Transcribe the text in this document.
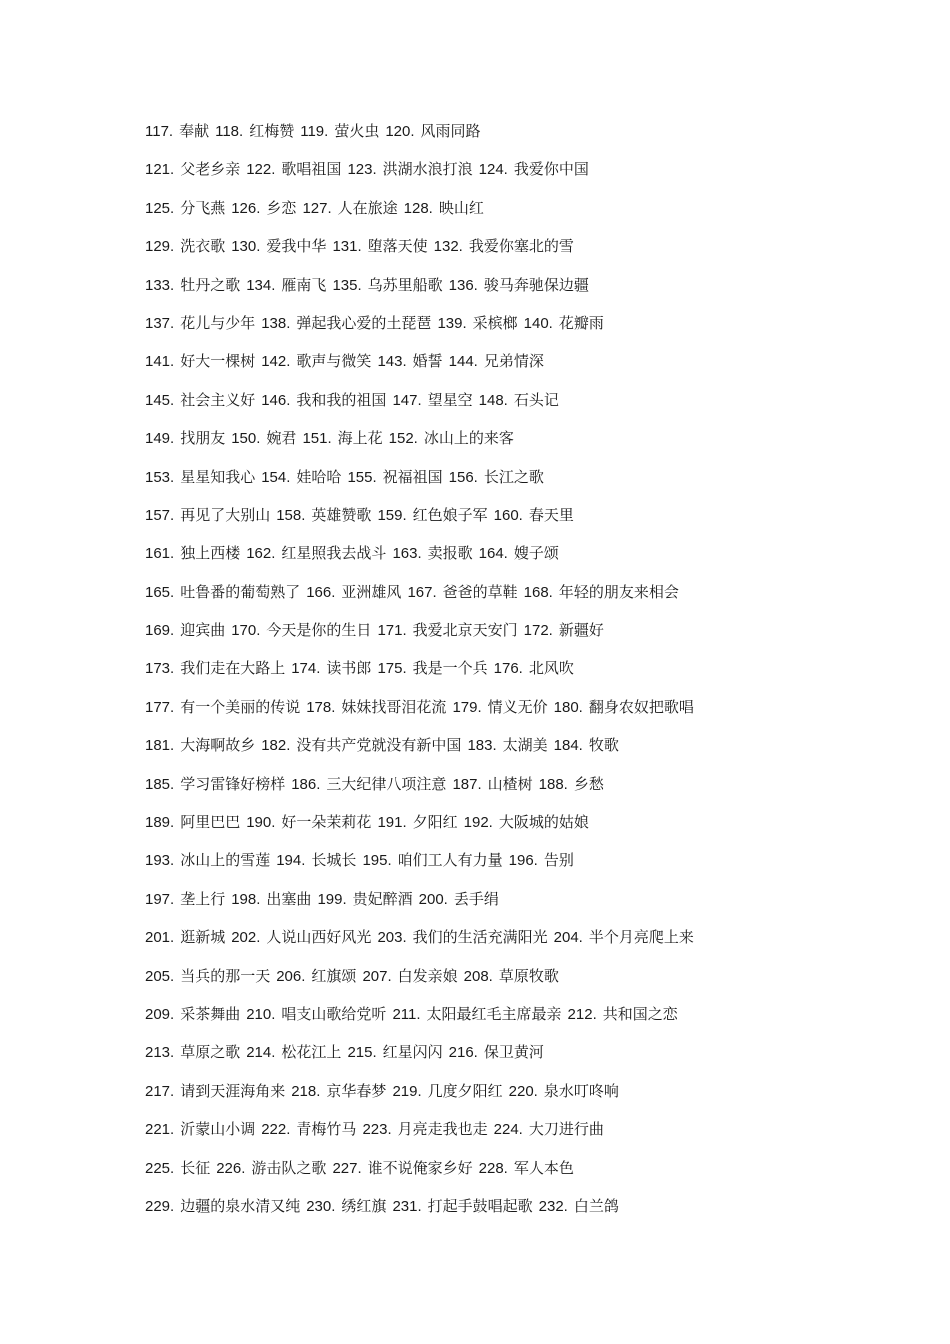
117. 奉献 118. 红梅赞 119. 萤火虫 120. 风雨同路
121. 父老乡亲 122. 歌唱祖国 123. 洪湖水浪打浪 124. 我爱你中国
125. 分飞燕 126. 乡恋 127. 人在旅途 128. 映山红
129. 洗衣歌 130. 爱我中华 131. 堕落天使 132. 我爱你塞北的雪
133. 牡丹之歌 134. 雁南飞 135. 乌苏里船歌 136. 骏马奔驰保边疆
137. 花儿与少年 138. 弹起我心爱的土琵琶 139. 采槟榔 140. 花瓣雨
141. 好大一棵树 142. 歌声与微笑 143. 婚誓 144. 兄弟情深
145. 社会主义好 146. 我和我的祖国 147. 望星空 148. 石头记
149. 找朋友 150. 婉君 151. 海上花 152. 冰山上的来客
153. 星星知我心 154. 娃哈哈 155. 祝福祖国 156. 长江之歌
157. 再见了大别山 158. 英雄赞歌 159. 红色娘子军 160. 春天里
161. 独上西楼 162. 红星照我去战斗 163. 卖报歌 164. 嫂子颂
165. 吐鲁番的葡萄熟了 166. 亚洲雄风 167. 爸爸的草鞋 168. 年轻的朋友来相会
169. 迎宾曲 170. 今天是你的生日 171. 我爱北京天安门 172. 新疆好
173. 我们走在大路上 174. 读书郎 175. 我是一个兵 176. 北风吹
177. 有一个美丽的传说 178. 妹妹找哥泪花流 179. 情义无价 180. 翻身农奴把歌唱
181. 大海啊故乡 182. 没有共产党就没有新中国 183. 太湖美 184. 牧歌
185. 学习雷锋好榜样 186. 三大纪律八项注意 187. 山楂树 188. 乡愁
189. 阿里巴巴 190. 好一朵茉莉花 191. 夕阳红 192. 大阪城的姑娘
193. 冰山上的雪莲 194. 长城长 195. 咱们工人有力量 196. 告别
197. 垄上行 198. 出塞曲 199. 贵妃醉酒 200. 丢手绢
201. 逛新城 202. 人说山西好风光 203. 我们的生活充满阳光 204. 半个月亮爬上来
205. 当兵的那一天 206. 红旗颂 207. 白发亲娘 208. 草原牧歌
209. 采茶舞曲 210. 唱支山歌给党听 211. 太阳最红毛主席最亲 212. 共和国之恋
213. 草原之歌 214. 松花江上 215. 红星闪闪 216. 保卫黄河
217. 请到天涯海角来 218. 京华春梦 219. 几度夕阳红 220. 泉水叮咚响
221. 沂蒙山小调 222. 青梅竹马 223. 月亮走我也走 224. 大刀进行曲
225. 长征 226. 游击队之歌 227. 谁不说俺家乡好 228. 军人本色
229. 边疆的泉水清又纯 230. 绣红旗 231. 打起手鼓唱起歌 232. 白兰鸽
